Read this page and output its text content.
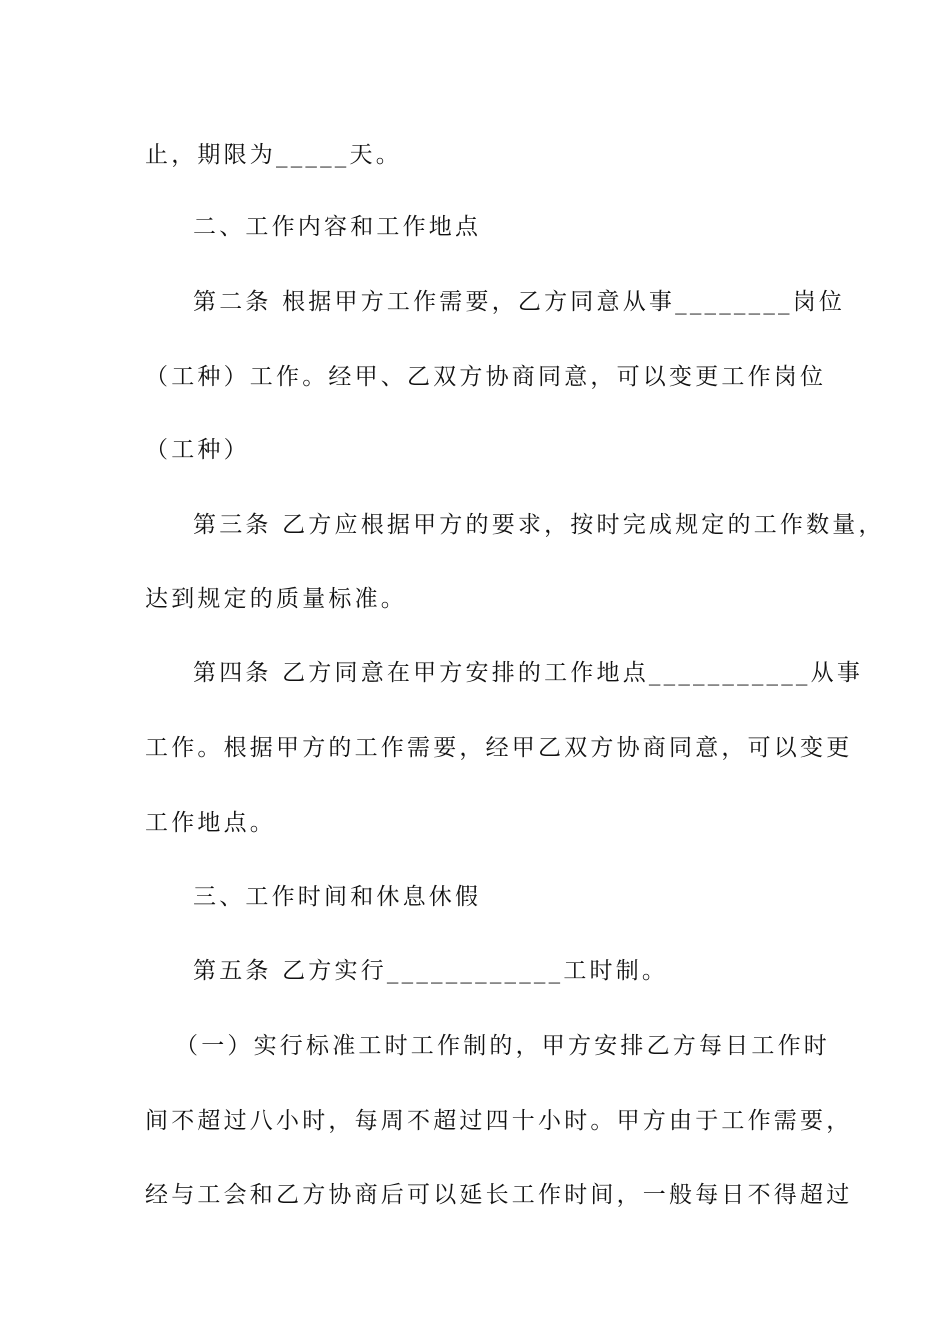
止，期限为_____天。
二、工作内容和工作地点
第二条 根据甲方工作需要，乙方同意从事________岗位
（工种）工作。经甲、乙双方协商同意，可以变更工作岗位
（工种）
第三条 乙方应根据甲方的要求，按时完成规定的工作数量，
达到规定的质量标准。
第四条 乙方同意在甲方安排的工作地点___________从事
工作。根据甲方的工作需要，经甲乙双方协商同意，可以变更
工作地点。
三、工作时间和休息休假
第五条 乙方实行____________工时制。
（一）实行标准工时工作制的，甲方安排乙方每日工作时
间不超过八小时，每周不超过四十小时。甲方由于工作需要，
经与工会和乙方协商后可以延长工作时间，一般每日不得超过
